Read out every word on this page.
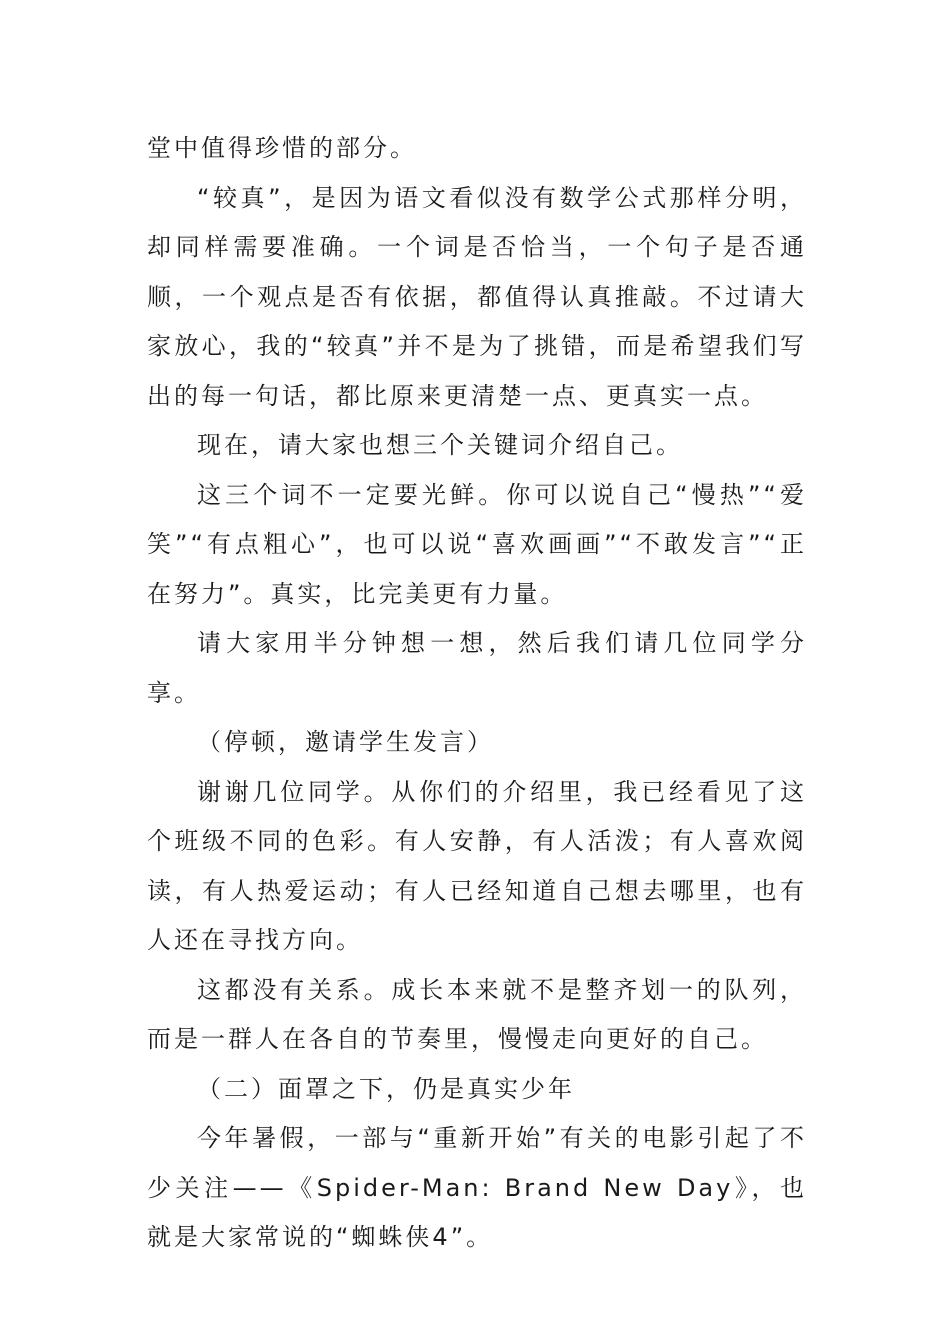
堂中值得珍惜的部分。

“较真”，是因为语文看似没有数学公式那样分明，却同样需要准确。一个词是否恰当，一个句子是否通顺，一个观点是否有依据，都值得认真推敲。不过请大家放心，我的“较真”并不是为了挑错，而是希望我们写出的每一句话，都比原来更清楚一点、更真实一点。

现在，请大家也想三个关键词介绍自己。

这三个词不一定要光鲜。你可以说自己“慢热”“爱笑”“有点粗心”，也可以说“喜欢画画”“不敢发言”“正在努力”。真实，比完美更有力量。

请大家用半分钟想一想，然后我们请几位同学分享。

（停顿，邀请学生发言）

谢谢几位同学。从你们的介绍里，我已经看见了这个班级不同的色彩。有人安静，有人活泼；有人喜欢阅读，有人热爱运动；有人已经知道自己想去哪里，也有人还在寻找方向。

这都没有关系。成长本来就不是整齐划一的队列，而是一群人在各自的节奏里，慢慢走向更好的自己。

（二）面罩之下，仍是真实少年

今年暑假，一部与“重新开始”有关的电影引起了不少关注——《Spider-Man: Brand New Day》，也就是大家常说的“蜘蛛侠4”。
